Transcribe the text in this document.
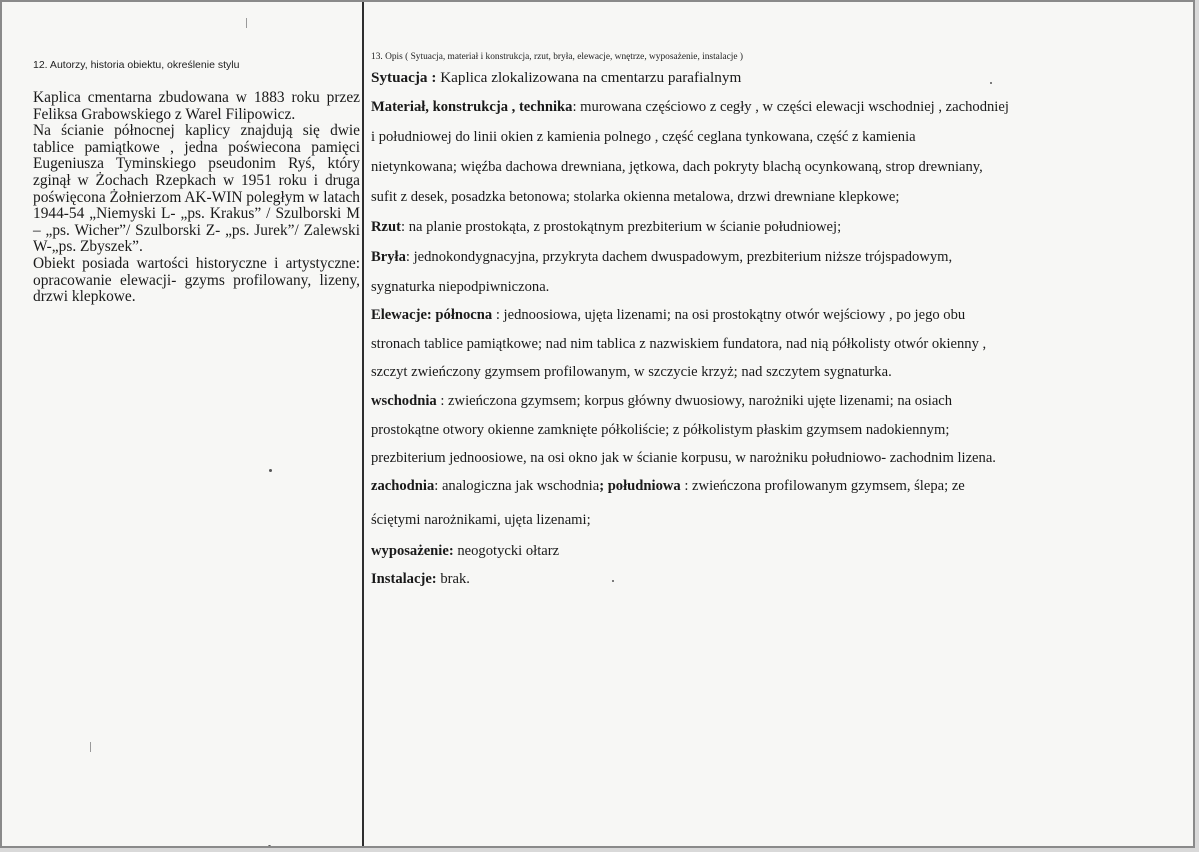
12. Autorzy, historia obiektu, określenie stylu

Kaplica cmentarna zbudowana w 1883 roku przez Feliksa Grabowskiego z Warel Filipowicz.

Na ścianie północnej kaplicy znajdują się dwie tablice pamiątkowe , jedna poświecona pamięci Eugeniusza Tyminskiego pseudonim Ryś, który zginął w Żochach Rzepkach w 1951 roku i druga poświęcona Żołnierzom AK-WIN poległym w latach 1944-54 „Niemyski L- „ps. Krakus” / Szulborski M – „ps. Wicher”/ Szulborski Z- „ps. Jurek”/ Zalewski W-„ps. Zbyszek”.

Obiekt posiada wartości historyczne i artystyczne: opracowanie elewacji- gzyms profilowany, lizeny, drzwi klepkowe.

13. Opis ( Sytuacja, materiał i konstrukcja, rzut, bryła, elewacje, wnętrze, wyposażenie, instalacje )
Sytuacja : Kaplica zlokalizowana na cmentarzu parafialnym
Materiał, konstrukcja , technika: murowana częściowo z cegły , w części elewacji wschodniej , zachodniej
i południowej do linii okien z kamienia polnego , część ceglana tynkowana, część z kamienia
nietynkowana; więźba dachowa drewniana, jętkowa, dach pokryty blachą ocynkowaną, strop drewniany,
sufit z desek, posadzka betonowa; stolarka okienna metalowa, drzwi drewniane klepkowe;
Rzut: na planie prostokąta, z prostokątnym prezbiterium w ścianie południowej;
Bryła: jednokondygnacyjna, przykryta dachem dwuspadowym, prezbiterium niższe trójspadowym,
sygnaturka niepodpiwniczona.
Elewacje: północna : jednoosiowa, ujęta lizenami; na osi prostokątny otwór wejściowy , po jego obu
stronach tablice pamiątkowe; nad nim tablica z nazwiskiem fundatora, nad nią półkolisty otwór okienny ,
szczyt zwieńczony gzymsem profilowanym, w szczycie krzyż; nad szczytem sygnaturka.
wschodnia : zwieńczona gzymsem; korpus główny dwuosiowy, narożniki ujęte lizenami; na osiach
prostokątne otwory okienne zamknięte półkoliście; z półkolistym płaskim gzymsem nadokiennym;
prezbiterium jednoosiowe, na osi okno jak w ścianie korpusu, w narożniku południowo- zachodnim lizena.
zachodnia: analogiczna jak wschodnia; południowa : zwieńczona profilowanym gzymsem, ślepa; ze
ściętymi narożnikami, ujęta lizenami;
wyposażenie: neogotycki ołtarz
Instalacje: brak.
